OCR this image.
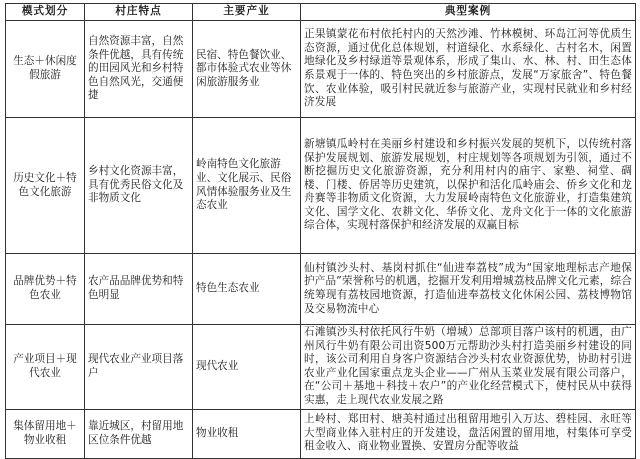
模式划分	村庄特点	主要产业	典型案例
生态＋休闲度假旅游	自然资源丰富，自然条件优越，具有传统的田园风光和乡村特色自然风光，交通便捷	民宿、特色餐饮业、都市体验式农业等休闲旅游服务业	正果镇蒙花布村依托村内的天然沙滩、竹林模树、环岛江河等优质生态资源，通过优化总体规划，村道绿化、水系绿化、古村名木，闲置地绿化及乡村绿道等景观体系，形成了集山、水、林、村、田生态体系景观于一体的、特色突出的乡村旅游点，发展“万家旅舍”、特色餐饮、农业体验，吸引村民就近参与旅游产业，实现村民就业和乡村经济发展
历史文化＋特色文化旅游	乡村文化资源丰富，具有优秀民俗文化及非物质文化	岭南特色文化旅游业、文化展示、民俗风情体验服务业及生态农业	新塘镇瓜岭村在美丽乡村建设和乡村振兴发展的契机下，以传统村落保护发展规划、旅游发展规划，村庄规划等各项规划为引领，通过不断挖掘历史文化旅游资源，充分利用村内的庙宇、家塾、祠堂、碉楼、门楼、侨居等历史建筑，以保护和活化瓜岭庙会、侨乡文化和龙舟赛等非物质文化资源，大力发展岭南特色文化旅游业，打造集建筑文化、国学文化、农耕文化、华侨文化、龙舟文化于一体的文化旅游综合体，实现村落保护和经济发展的双赢目标
品牌优势＋特色农业	农产品品牌优势和特色明显	特色生态农业	仙村镇沙头村、基岗村抓住“仙进奉荔枝”成为“国家地理标志产地保护产品”荣誉称号的机遇，挖掘开发利用增城荔枝品牌文化元素，综合统筹现有荔枝园地资源，打造仙进奉荔枝文化休闲公园、荔枝博物馆及交易物流中心
产业项目＋现代农业	现代农业产业项目落户	现代农业	石滩镇沙头村依托风行牛奶（增城）总部项目落户该村的机遇，由广州风行牛奶有限公司出资500万元帮助沙头村打造美丽乡村建设的同时，该公司利用自身客户资源结合沙头村农业资源优势，协助村引进农业产业化国家重点龙头企业——广州从玉菜业发展有限公司落户，在“公司＋基地＋科技＋农户”的产业化经营模式下，使村民从中获得实惠，走上现代农业发展之路
集体留用地＋物业收租	靠近城区，村留用地区位条件优越	物业收租	上岭村、郑田村、塘美村通过出租留用地引入万达、碧桂园、永旺等大型商业体入驻村庄的开发建设，盘活闲置的留用地，村集体可享受租金收入、商业物业置换、安置房分配等收益
